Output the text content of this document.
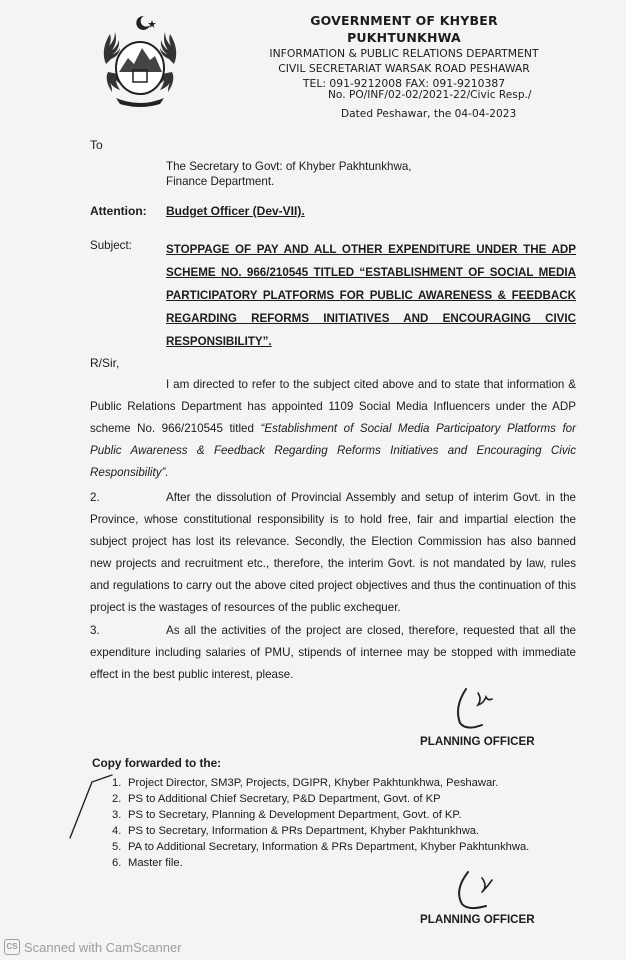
GOVERNMENT OF KHYBER PUKHTUNKHWA
INFORMATION & PUBLIC RELATIONS DEPARTMENT
CIVIL SECRETARIAT WARSAK ROAD PESHAWAR
TEL: 091-9212008 FAX: 091-9210387
No. PO/INF/02-02/2021-22/Civic Resp./
Dated Peshawar, the 04-04-2023
To
The Secretary to Govt: of Khyber Pakhtunkhwa,
Finance Department.
Attention: Budget Officer (Dev-VII).
Subject:	STOPPAGE OF PAY AND ALL OTHER EXPENDITURE UNDER THE ADP SCHEME NO. 966/210545 TITLED “ESTABLISHMENT OF SOCIAL MEDIA PARTICIPATORY PLATFORMS FOR PUBLIC AWARENESS & FEEDBACK REGARDING REFORMS INITIATIVES AND ENCOURAGING CIVIC RESPONSIBILITY”.
R/Sir,
I am directed to refer to the subject cited above and to state that information & Public Relations Department has appointed 1109 Social Media Influencers under the ADP scheme No. 966/210545 titled “Establishment of Social Media Participatory Platforms for Public Awareness & Feedback Regarding Reforms Initiatives and Encouraging Civic Responsibility”.
2.	After the dissolution of Provincial Assembly and setup of interim Govt. in the Province, whose constitutional responsibility is to hold free, fair and impartial election the subject project has lost its relevance. Secondly, the Election Commission has also banned new projects and recruitment etc., therefore, the interim Govt. is not mandated by law, rules and regulations to carry out the above cited project objectives and thus the continuation of this project is the wastages of resources of the public exchequer.
3.	As all the activities of the project are closed, therefore, requested that all the expenditure including salaries of PMU, stipends of internee may be stopped with immediate effect in the best public interest, please.
PLANNING OFFICER
Copy forwarded to the:
1. Project Director, SM3P, Projects, DGIPR, Khyber Pakhtunkhwa, Peshawar.
2. PS to Additional Chief Secretary, P&D Department, Govt. of KP
3. PS to Secretary, Planning & Development Department, Govt. of KP.
4. PS to Secretary, Information & PRs Department, Khyber Pakhtunkhwa.
5. PA to Additional Secretary, Information & PRs Department, Khyber Pakhtunkhwa.
6. Master file.
PLANNING OFFICER
CS Scanned with CamScanner
